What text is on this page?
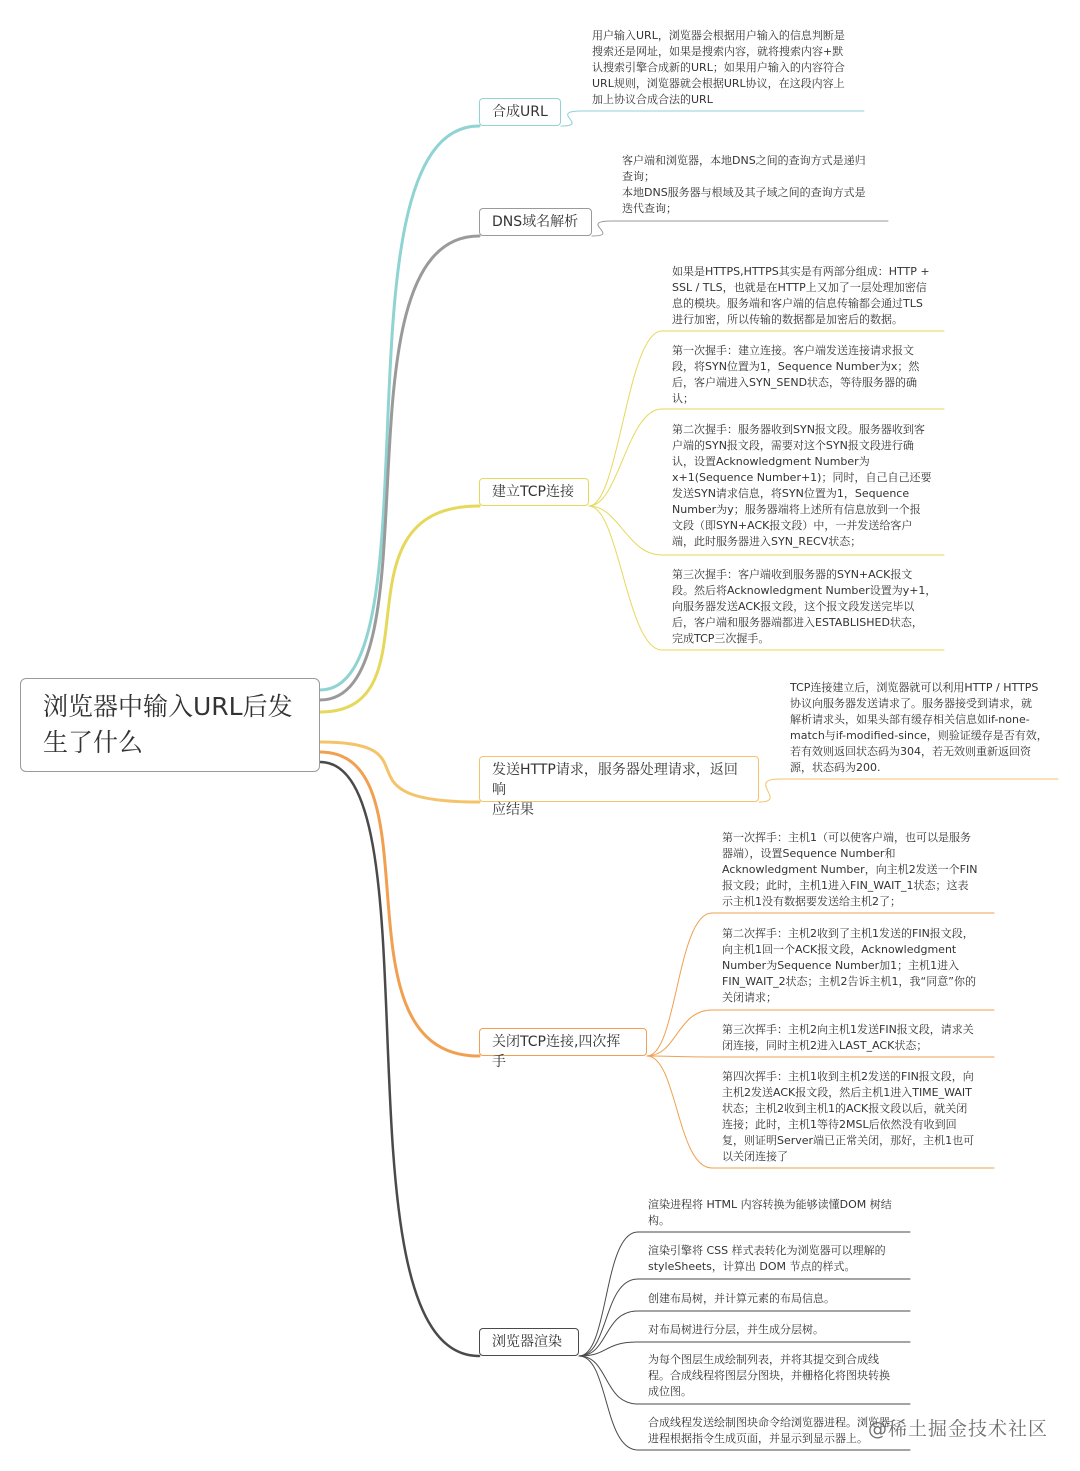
浏览器中输入URL后发生了什么
合成URL
用户输入URL，浏览器会根据用户输入的信息判断是
搜索还是网址，如果是搜索内容，就将搜索内容+默
认搜索引擎合成新的URL；如果用户输入的内容符合
URL规则，浏览器就会根据URL协议，在这段内容上
加上协议合成合法的URL
DNS域名解析
客户端和浏览器，本地DNS之间的查询方式是递归
查询；
本地DNS服务器与根域及其子域之间的查询方式是
迭代查询；
建立TCP连接
如果是HTTPS,HTTPS其实是有两部分组成：HTTP +
SSL / TLS，也就是在HTTP上又加了一层处理加密信
息的模块。服务端和客户端的信息传输都会通过TLS
进行加密，所以传输的数据都是加密后的数据。
第一次握手：建立连接。客户端发送连接请求报文
段，将SYN位置为1，Sequence Number为x；然
后，客户端进入SYN_SEND状态，等待服务器的确
认；
第二次握手：服务器收到SYN报文段。服务器收到客
户端的SYN报文段，需要对这个SYN报文段进行确
认，设置Acknowledgment Number为
x+1(Sequence Number+1)；同时，自己自己还要
发送SYN请求信息，将SYN位置为1，Sequence
Number为y；服务器端将上述所有信息放到一个报
文段（即SYN+ACK报文段）中，一并发送给客户
端，此时服务器进入SYN_RECV状态；
第三次握手：客户端收到服务器的SYN+ACK报文
段。然后将Acknowledgment Number设置为y+1，
向服务器发送ACK报文段，这个报文段发送完毕以
后，客户端和服务器端都进入ESTABLISHED状态，
完成TCP三次握手。
发送HTTP请求，服务器处理请求，返回响
应结果
TCP连接建立后，浏览器就可以利用HTTP / HTTPS
协议向服务器发送请求了。服务器接受到请求，就
解析请求头，如果头部有缓存相关信息如if-none-
match与if-modified-since，则验证缓存是否有效，
若有效则返回状态码为304，若无效则重新返回资
源，状态码为200.
关闭TCP连接,四次挥手
第一次挥手：主机1（可以使客户端，也可以是服务
器端），设置Sequence Number和
Acknowledgment Number，向主机2发送一个FIN
报文段；此时，主机1进入FIN_WAIT_1状态；这表
示主机1没有数据要发送给主机2了；
第二次挥手：主机2收到了主机1发送的FIN报文段，
向主机1回一个ACK报文段，Acknowledgment
Number为Sequence Number加1；主机1进入
FIN_WAIT_2状态；主机2告诉主机1，我“同意”你的
关闭请求；
第三次挥手：主机2向主机1发送FIN报文段，请求关
闭连接，同时主机2进入LAST_ACK状态；
第四次挥手：主机1收到主机2发送的FIN报文段，向
主机2发送ACK报文段，然后主机1进入TIME_WAIT
状态；主机2收到主机1的ACK报文段以后，就关闭
连接；此时，主机1等待2MSL后依然没有收到回
复，则证明Server端已正常关闭，那好，主机1也可
以关闭连接了
浏览器渲染
渲染进程将 HTML 内容转换为能够读懂DOM 树结
构。
渲染引擎将 CSS 样式表转化为浏览器可以理解的
styleSheets，计算出 DOM 节点的样式。
创建布局树，并计算元素的布局信息。
对布局树进行分层，并生成分层树。
为每个图层生成绘制列表，并将其提交到合成线
程。合成线程将图层分图块，并栅格化将图块转换
成位图。
合成线程发送绘制图块命令给浏览器进程。浏览器
进程根据指令生成页面，并显示到显示器上。 @稀土掘金技术社区
